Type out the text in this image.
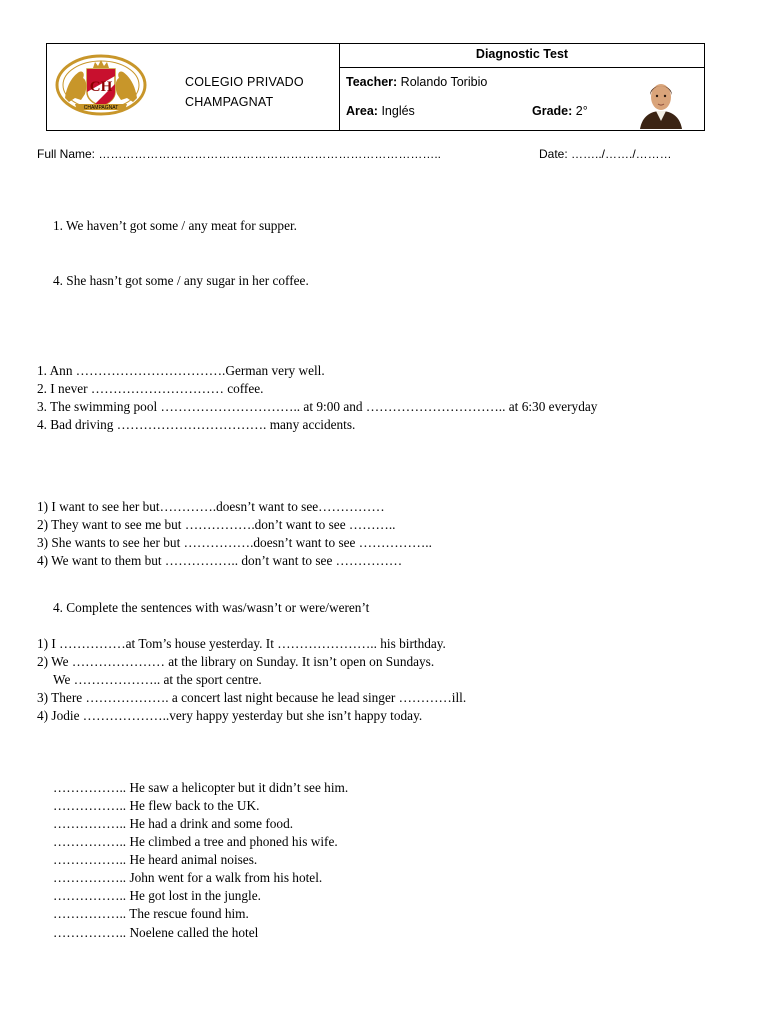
CH
CHAMPAGNAT
COLEGIO PRIVADO
CHAMPAGNAT
Diagnostic Test
Teacher: Rolando Toribio
Area: Inglés	Grade: 2°
Full Name: …………………………………………………………………………..	Date: ……../……./………
1. We haven’t got some / any meat for supper.
4. She hasn’t got some / any sugar in her coffee.
1. Ann …………………………….German very well.
2. I never ………………………… coffee.
3. The swimming pool ………………………….. at 9:00 and ………………………….. at 6:30 everyday
4. Bad driving ……………………………. many accidents.
1) I want to see her but………….doesn’t want to see……………
2) They want to see me but …………….don’t want to see ………..
3) She wants to see her but …………….doesn’t want to see ……………..
4) We want to them but …………….. don’t want to see ……………
4. Complete the sentences with was/wasn’t or were/weren’t
1) I ……………at Tom’s house yesterday. It ………………….. his birthday.
2) We ………………… at the library on Sunday. It isn’t open on Sundays.
We ……………….. at the sport centre.
3) There ………………. a concert last night because he lead singer …………ill.
4) Jodie ………………..very happy yesterday but she isn’t happy today.
…………….. He saw a helicopter but it didn’t see him.
…………….. He flew back to the UK.
…………….. He had a drink and some food.
…………….. He climbed a tree and phoned his wife.
…………….. He heard animal noises.
…………….. John went for a walk from his hotel.
…………….. He got lost in the jungle.
…………….. The rescue found him.
…………….. Noelene called the hotel
